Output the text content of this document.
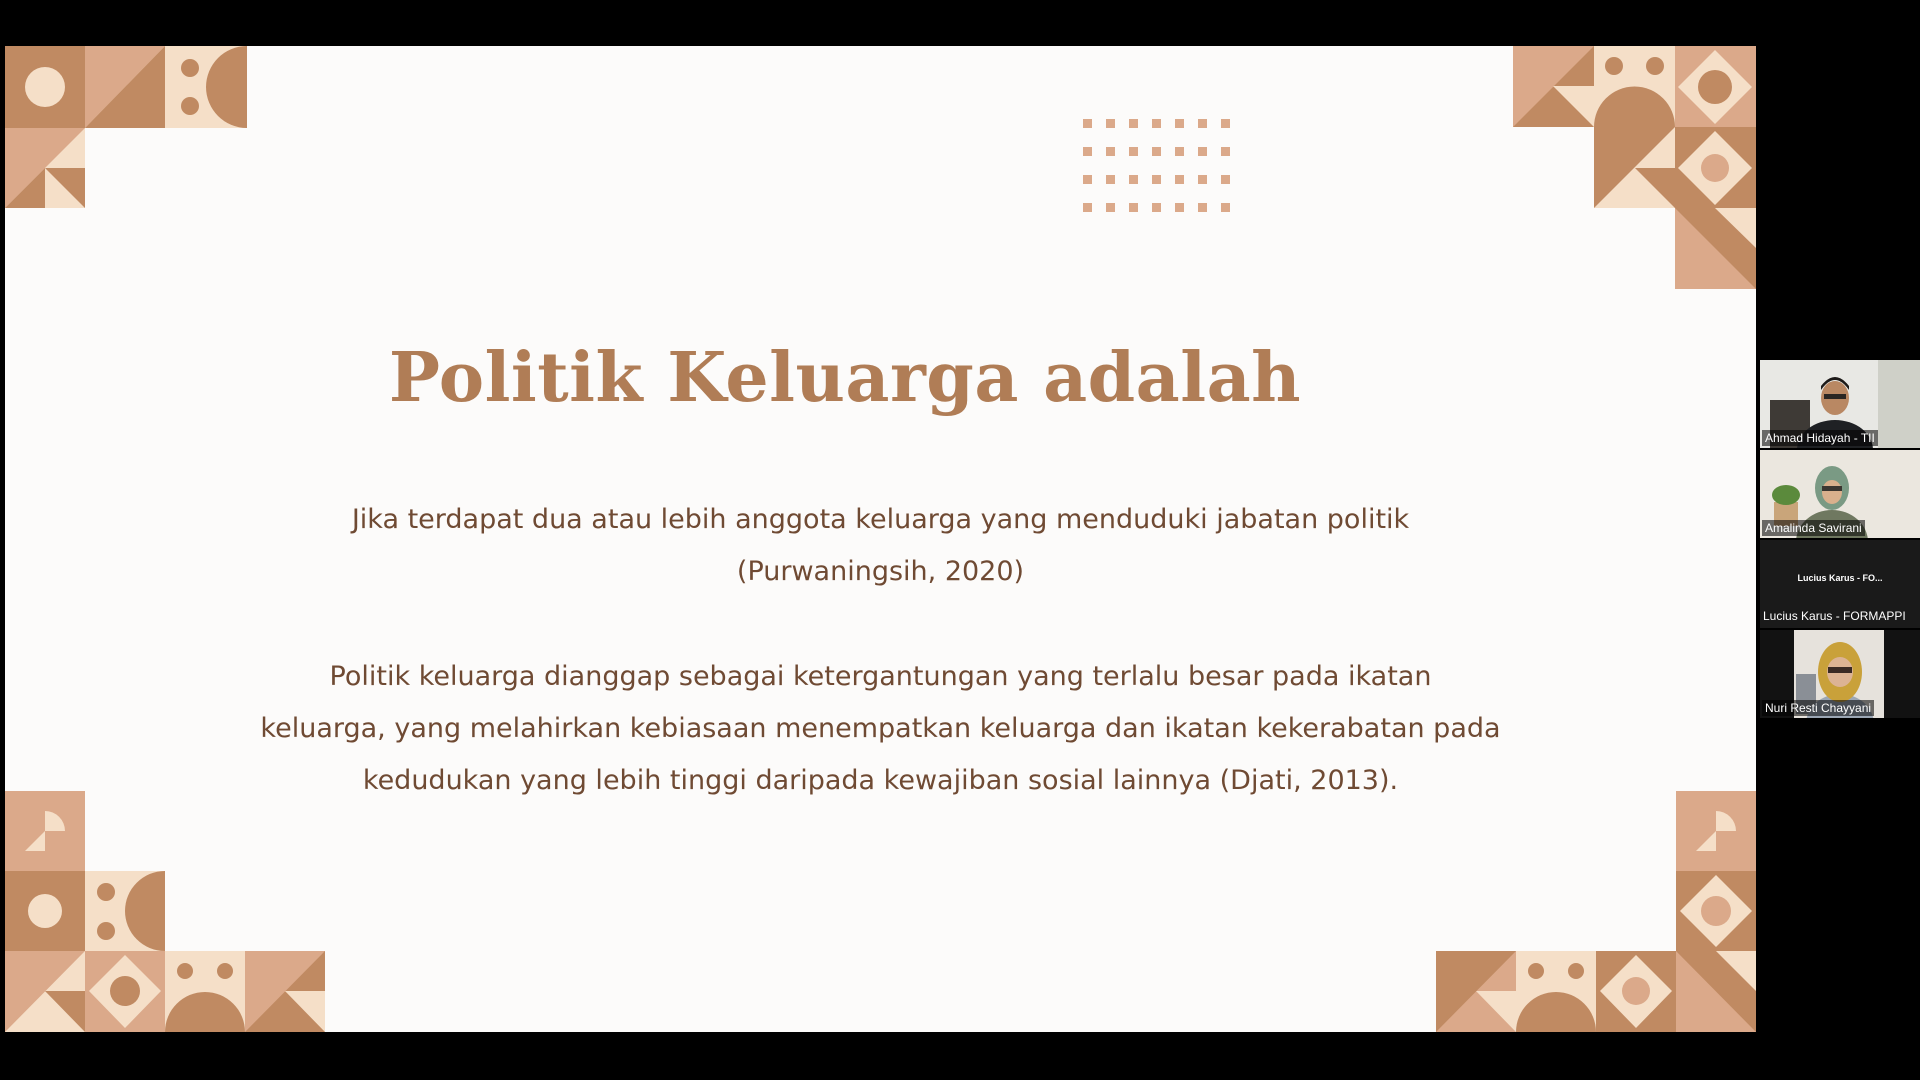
Politik Keluarga adalah

Jika terdapat dua atau lebih anggota keluarga yang menduduki jabatan politik

(Purwaningsih, 2020)

Politik keluarga dianggap sebagai ketergantungan yang terlalu besar pada ikatan

keluarga, yang melahirkan kebiasaan menempatkan keluarga dan ikatan kekerabatan pada

kedudukan yang lebih tinggi daripada kewajiban sosial lainnya (Djati, 2013).

Ahmad Hidayah - TII
Amalinda Savirani
Lucius Karus - FO...
Lucius Karus - FORMAPPI
Nuri Resti Chayyani
